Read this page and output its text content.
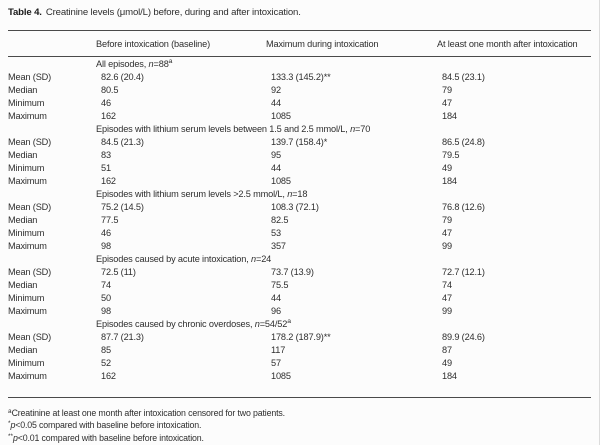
Table 4. Creatinine levels (μmol/L) before, during and after intoxication.
Before intoxication (baseline)	Maximum during intoxication	At least one month after intoxication
All episodes, $n=88^a$
Mean (SD)	82.6 (20.4)	133.3 (145.2)**	84.5 (23.1)
Median	80.5	92	79
Minimum	46	44	47
Maximum	162	1085	184
Episodes with lithium serum levels between 1.5 and 2.5 mmol/L, n=70
Mean (SD)	84.5 (21.3)	139.7 (158.4)*	86.5 (24.8)
Median	83	95	79.5
Minimum	51	44	49
Maximum	162	1085	184
Episodes with lithium serum levels >2.5 mmol/L, n=18
Mean (SD)	75.2 (14.5)	108.3 (72.1)	76.8 (12.6)
Median	77.5	82.5	79
Minimum	46	53	47
Maximum	98	357	99
Episodes caused by acute intoxication, n=24
Mean (SD)	72.5 (11)	73.7 (13.9)	72.7 (12.1)
Median	74	75.5	74
Minimum	50	44	47
Maximum	98	96	99
Episodes caused by chronic overdoses, $n=54/52^a$
Mean (SD)	87.7 (21.3)	178.2 (187.9)**	89.9 (24.6)
Median	85	117	87
Minimum	52	57	49
Maximum	162	1085	184
$^a$Creatinine at least one month after intoxication censored for two patients.
*p<0.05 compared with baseline before intoxication.
**p<0.01 compared with baseline before intoxication.
